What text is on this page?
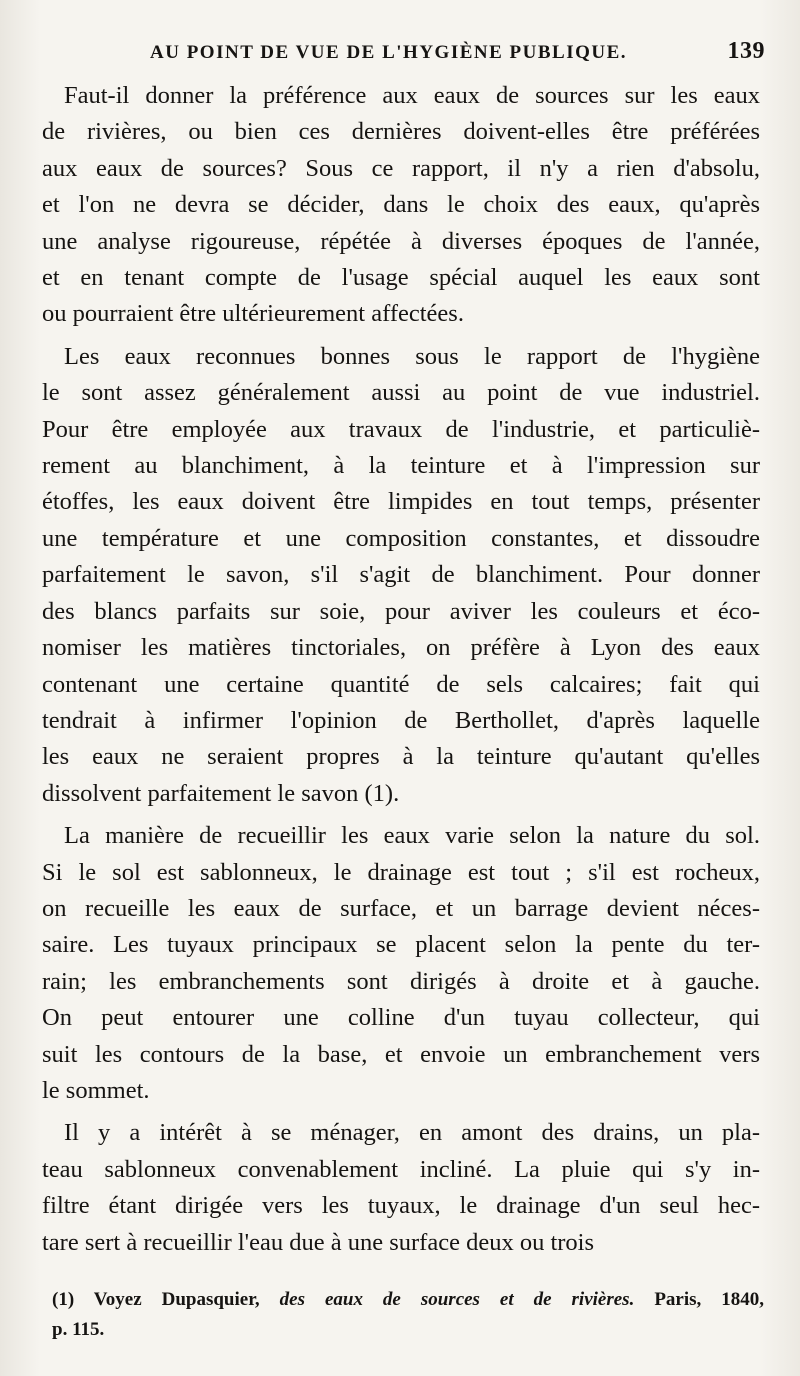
AU POINT DE VUE DE L'HYGIÈNE PUBLIQUE.	139
Faut-il donner la préférence aux eaux de sources sur les eaux
de rivières, ou bien ces dernières doivent-elles être préférées
aux eaux de sources? Sous ce rapport, il n'y a rien d'absolu,
et l'on ne devra se décider, dans le choix des eaux, qu'après
une analyse rigoureuse, répétée à diverses époques de l'année,
et en tenant compte de l'usage spécial auquel les eaux sont
ou pourraient être ultérieurement affectées.
Les eaux reconnues bonnes sous le rapport de l'hygiène
le sont assez généralement aussi au point de vue industriel.
Pour être employée aux travaux de l'industrie, et particuliè-
rement au blanchiment, à la teinture et à l'impression sur
étoffes, les eaux doivent être limpides en tout temps, présenter
une température et une composition constantes, et dissoudre
parfaitement le savon, s'il s'agit de blanchiment. Pour donner
des blancs parfaits sur soie, pour aviver les couleurs et éco-
nomiser les matières tinctoriales, on préfère à Lyon des eaux
contenant une certaine quantité de sels calcaires; fait qui
tendrait à infirmer l'opinion de Berthollet, d'après laquelle
les eaux ne seraient propres à la teinture qu'autant qu'elles
dissolvent parfaitement le savon (1).
La manière de recueillir les eaux varie selon la nature du sol.
Si le sol est sablonneux, le drainage est tout ; s'il est rocheux,
on recueille les eaux de surface, et un barrage devient néces-
saire. Les tuyaux principaux se placent selon la pente du ter-
rain; les embranchements sont dirigés à droite et à gauche.
On peut entourer une colline d'un tuyau collecteur, qui
suit les contours de la base, et envoie un embranchement vers
le sommet.
Il y a intérêt à se ménager, en amont des drains, un pla-
teau sablonneux convenablement incliné. La pluie qui s'y in-
filtre étant dirigée vers les tuyaux, le drainage d'un seul hec-
tare sert à recueillir l'eau due à une surface deux ou trois
(1) Voyez Dupasquier, des eaux de sources et de rivières. Paris, 1840,
p. 115.
